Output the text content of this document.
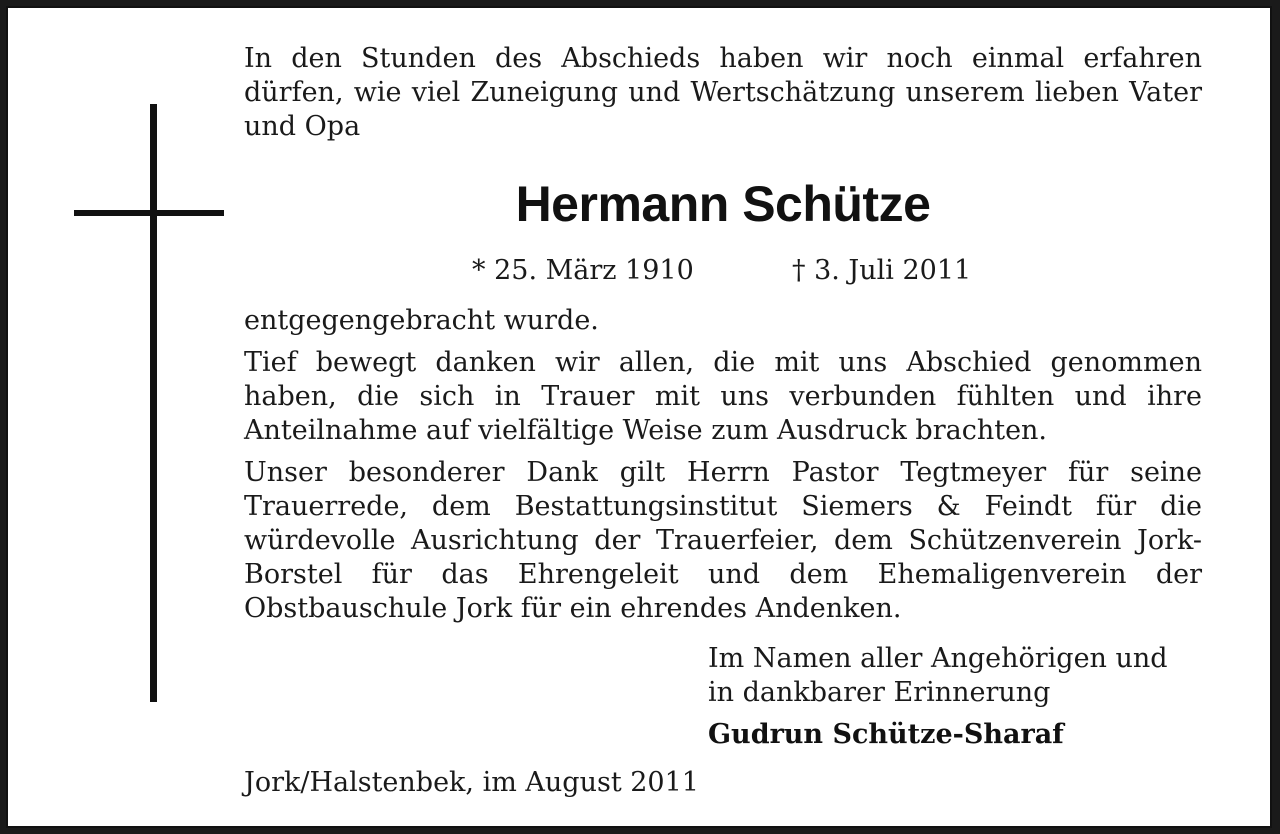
In den Stunden des Abschieds haben wir noch einmal erfahren dürfen, wie viel Zuneigung und Wertschätzung unserem lieben Vater und Opa
Hermann Schütze
* 25. März 1910	† 3. Juli 2011
entgegengebracht wurde.
Tief bewegt danken wir allen, die mit uns Abschied genommen haben, die sich in Trauer mit uns verbunden fühlten und ihre Anteilnahme auf vielfältige Weise zum Ausdruck brachten.
Unser besonderer Dank gilt Herrn Pastor Tegtmeyer für seine Trauerrede, dem Bestattungsinstitut Siemers & Feindt für die würdevolle Ausrichtung der Trauerfeier, dem Schützenverein Jork-Borstel für das Ehrengeleit und dem Ehemaligenverein der Obstbauschule Jork für ein ehrendes Andenken.
Im Namen aller Angehörigen und
in dankbarer Erinnerung
Gudrun Schütze-Sharaf
Jork/Halstenbek, im August 2011
